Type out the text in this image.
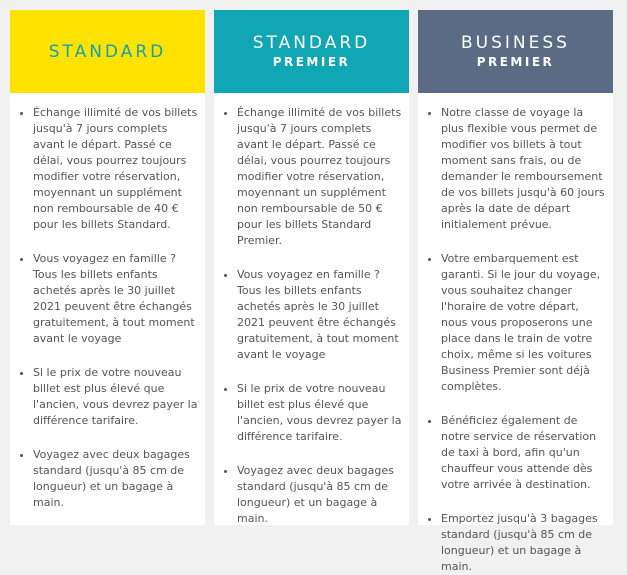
STANDARD
• Échange illimité de vos billets jusqu'à 7 jours complets avant le départ. Passé ce délai, vous pourrez toujours modifier votre réservation, moyennant un supplément non remboursable de 40 € pour les billets Standard.
• Vous voyagez en famille ? Tous les billets enfants achetés après le 30 juillet 2021 peuvent être échangés gratuitement, à tout moment avant le voyage
• Si le prix de votre nouveau billet est plus élevé que l'ancien, vous devrez payer la différence tarifaire.
• Voyagez avec deux bagages standard (jusqu'à 85 cm de longueur) et un bagage à main.
STANDARD
PREMIER
• Échange illimité de vos billets jusqu'à 7 jours complets avant le départ. Passé ce délai, vous pourrez toujours modifier votre réservation, moyennant un supplément non remboursable de 50 € pour les billets Standard Premier.
• Vous voyagez en famille ? Tous les billets enfants achetés après le 30 juillet 2021 peuvent être échangés gratuitement, à tout moment avant le voyage
• Si le prix de votre nouveau billet est plus élevé que l'ancien, vous devrez payer la différence tarifaire.
• Voyagez avec deux bagages standard (jusqu'à 85 cm de longueur) et un bagage à main.
BUSINESS
PREMIER
• Notre classe de voyage la plus flexible vous permet de modifier vos billets à tout moment sans frais, ou de demander le remboursement de vos billets jusqu'à 60 jours après la date de départ initialement prévue.
• Votre embarquement est garanti. Si le jour du voyage, vous souhaitez changer l'horaire de votre départ, nous vous proposerons une place dans le train de votre choix, même si les voitures Business Premier sont déjà complètes.
• Bénéficiez également de notre service de réservation de taxi à bord, afin qu'un chauffeur vous attende dès votre arrivée à destination.
• Emportez jusqu'à 3 bagages standard (jusqu'à 85 cm de longueur) et un bagage à main.
